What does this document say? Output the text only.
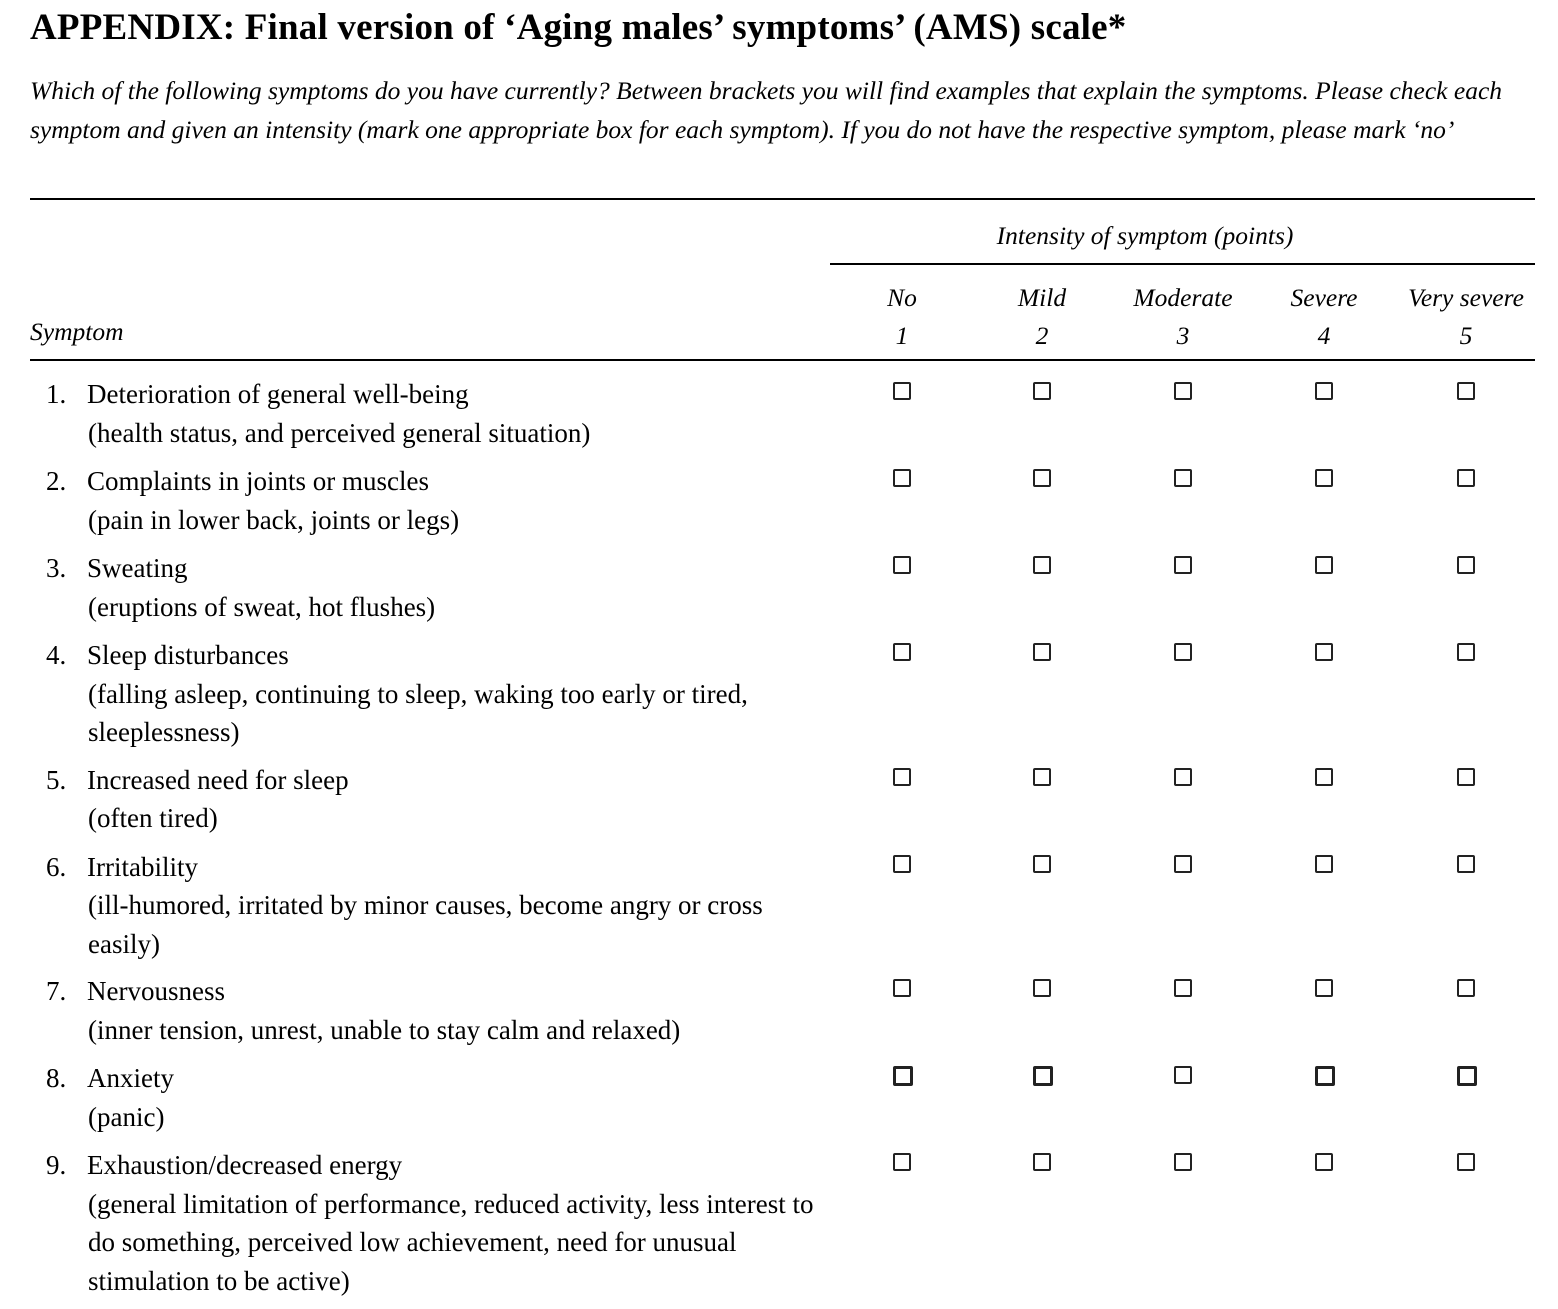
APPENDIX: Final version of ‘Aging males’ symptoms’ (AMS) scale*
Which of the following symptoms do you have currently? Between brackets you will find examples that explain the symptoms. Please check each symptom and given an intensity (mark one appropriate box for each symptom). If you do not have the respective symptom, please mark ‘no’
Intensity of symptom (points)
Symptom
No
1
Mild
2
Moderate
3
Severe
4
Very severe
5
1. Deterioration of general well-being
(health status, and perceived general situation)
2. Complaints in joints or muscles
(pain in lower back, joints or legs)
3. Sweating
(eruptions of sweat, hot flushes)
4. Sleep disturbances
(falling asleep, continuing to sleep, waking too early or tired, sleeplessness)
5. Increased need for sleep
(often tired)
6. Irritability
(ill-humored, irritated by minor causes, become angry or cross easily)
7. Nervousness
(inner tension, unrest, unable to stay calm and relaxed)
8. Anxiety
(panic)
9. Exhaustion/decreased energy
(general limitation of performance, reduced activity, less interest to do something, perceived low achievement, need for unusual stimulation to be active)
